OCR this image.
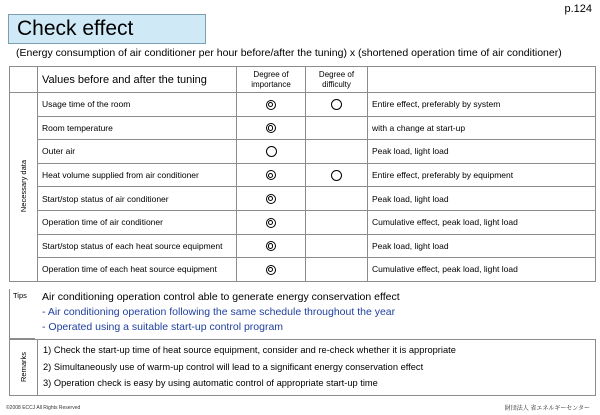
Check effect
p.124
(Energy consumption of air conditioner per hour before/after the tuning) x (shortened operation time of air conditioner)
	Values before and after the tuning	Degree of importance	Degree of difficulty	
Necessary data	Usage time of the room			Entire effect, preferably by system
	Room temperature			with a change at start-up
	Outer air			Peak load, light load
	Heat volume supplied from air conditioner			Entire effect, preferably by equipment
	Start/stop status of air conditioner			Peak load, light load
	Operation time of air conditioner			Cumulative effect, peak load, light load
	Start/stop status of each heat source equipment			Peak load, light load
	Operation time of each heat source equipment			Cumulative effect, peak load, light load
Tips	Air conditioning operation control able to generate energy conservation effect
- Air conditioning operation following the same schedule throughout the year
- Operated using a suitable start-up control program
Remarks
1) Check the start-up time of heat source equipment, consider and re-check whether it is appropriate
2) Simultaneously use of warm-up control will lead to a significant energy conservation effect
3) Operation check is easy by using automatic control of appropriate start-up time
©2008 ECCJ All Rights Reserved	財団法人 省エネルギーセンター
